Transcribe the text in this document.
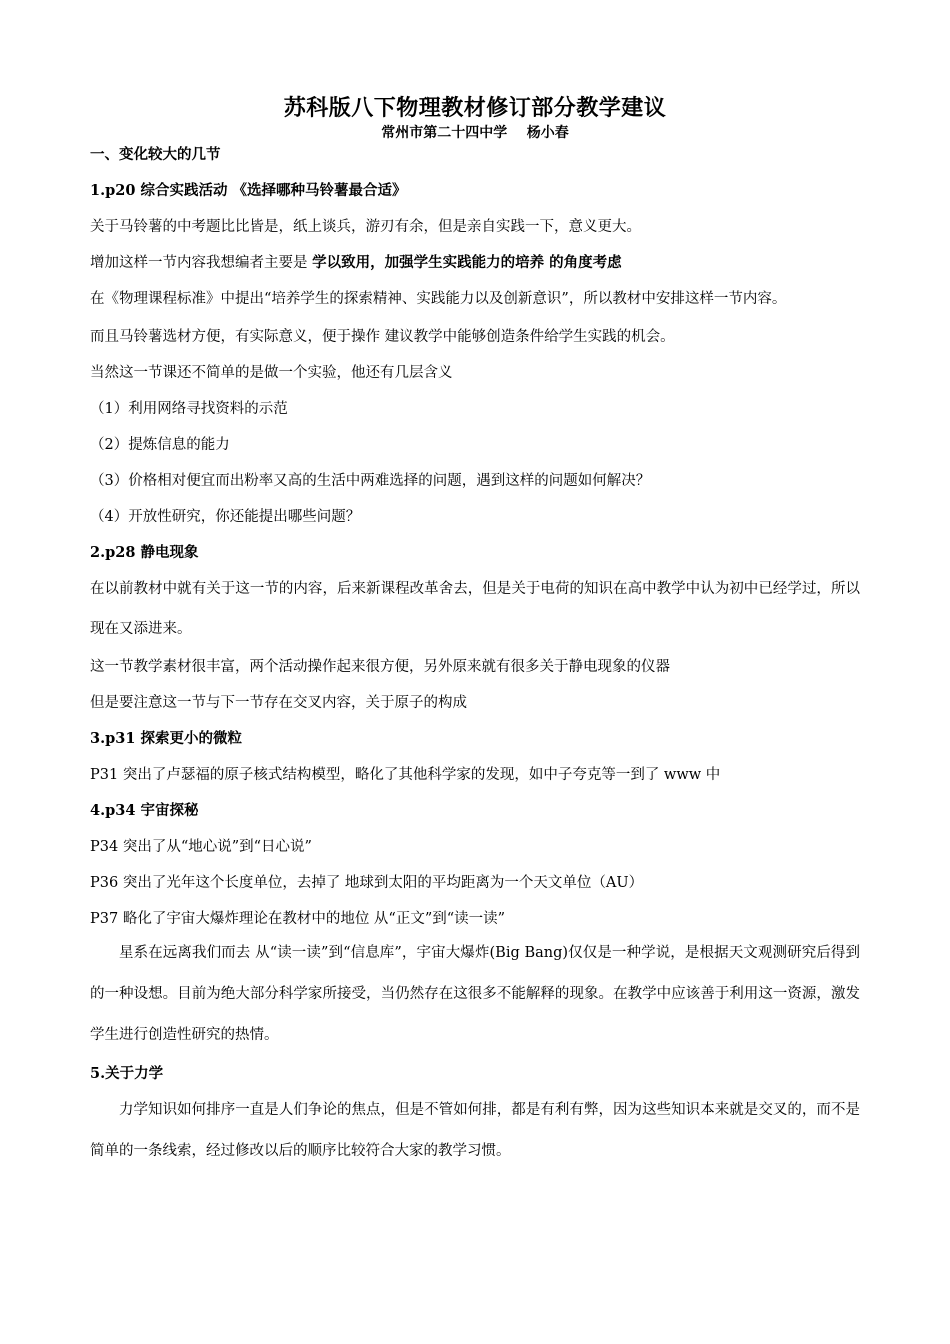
苏科版八下物理教材修订部分教学建议
常州市第二十四中学    杨小春
一、变化较大的几节
1.p20 综合实践活动 《选择哪种马铃薯最合适》
关于马铃薯的中考题比比皆是，纸上谈兵，游刃有余，但是亲自实践一下，意义更大。
增加这样一节内容我想编者主要是 学以致用，加强学生实践能力的培养 的角度考虑
在《物理课程标准》中提出“培养学生的探索精神、实践能力以及创新意识”，所以教材中安排这样一节内容。
而且马铃薯选材方便，有实际意义，便于操作 建议教学中能够创造条件给学生实践的机会。
当然这一节课还不简单的是做一个实验，他还有几层含义
（1）利用网络寻找资料的示范
（2）提炼信息的能力
（3）价格相对便宜而出粉率又高的生活中两难选择的问题，遇到这样的问题如何解决？
（4）开放性研究，你还能提出哪些问题？
2.p28 静电现象
在以前教材中就有关于这一节的内容，后来新课程改革舍去，但是关于电荷的知识在高中教学中认为初中已经学过，所以现在又添进来。
这一节教学素材很丰富，两个活动操作起来很方便，另外原来就有很多关于静电现象的仪器
但是要注意这一节与下一节存在交叉内容，关于原子的构成
3.p31 探索更小的微粒
P31 突出了卢瑟福的原子核式结构模型，略化了其他科学家的发现，如中子夸克等一到了 www 中
4.p34 宇宙探秘
P34 突出了从“地心说”到“日心说”
P36 突出了光年这个长度单位，去掉了 地球到太阳的平均距离为一个天文单位（AU）
P37 略化了宇宙大爆炸理论在教材中的地位 从“正文”到“读一读”
星系在远离我们而去 从“读一读”到“信息库”，宇宙大爆炸(Big Bang)仅仅是一种学说，是根据天文观测研究后得到的一种设想。目前为绝大部分科学家所接受，当仍然存在这很多不能解释的现象。在教学中应该善于利用这一资源，激发学生进行创造性研究的热情。
5.关于力学
力学知识如何排序一直是人们争论的焦点，但是不管如何排，都是有利有弊，因为这些知识本来就是交叉的，而不是简单的一条线索，经过修改以后的顺序比较符合大家的教学习惯。
